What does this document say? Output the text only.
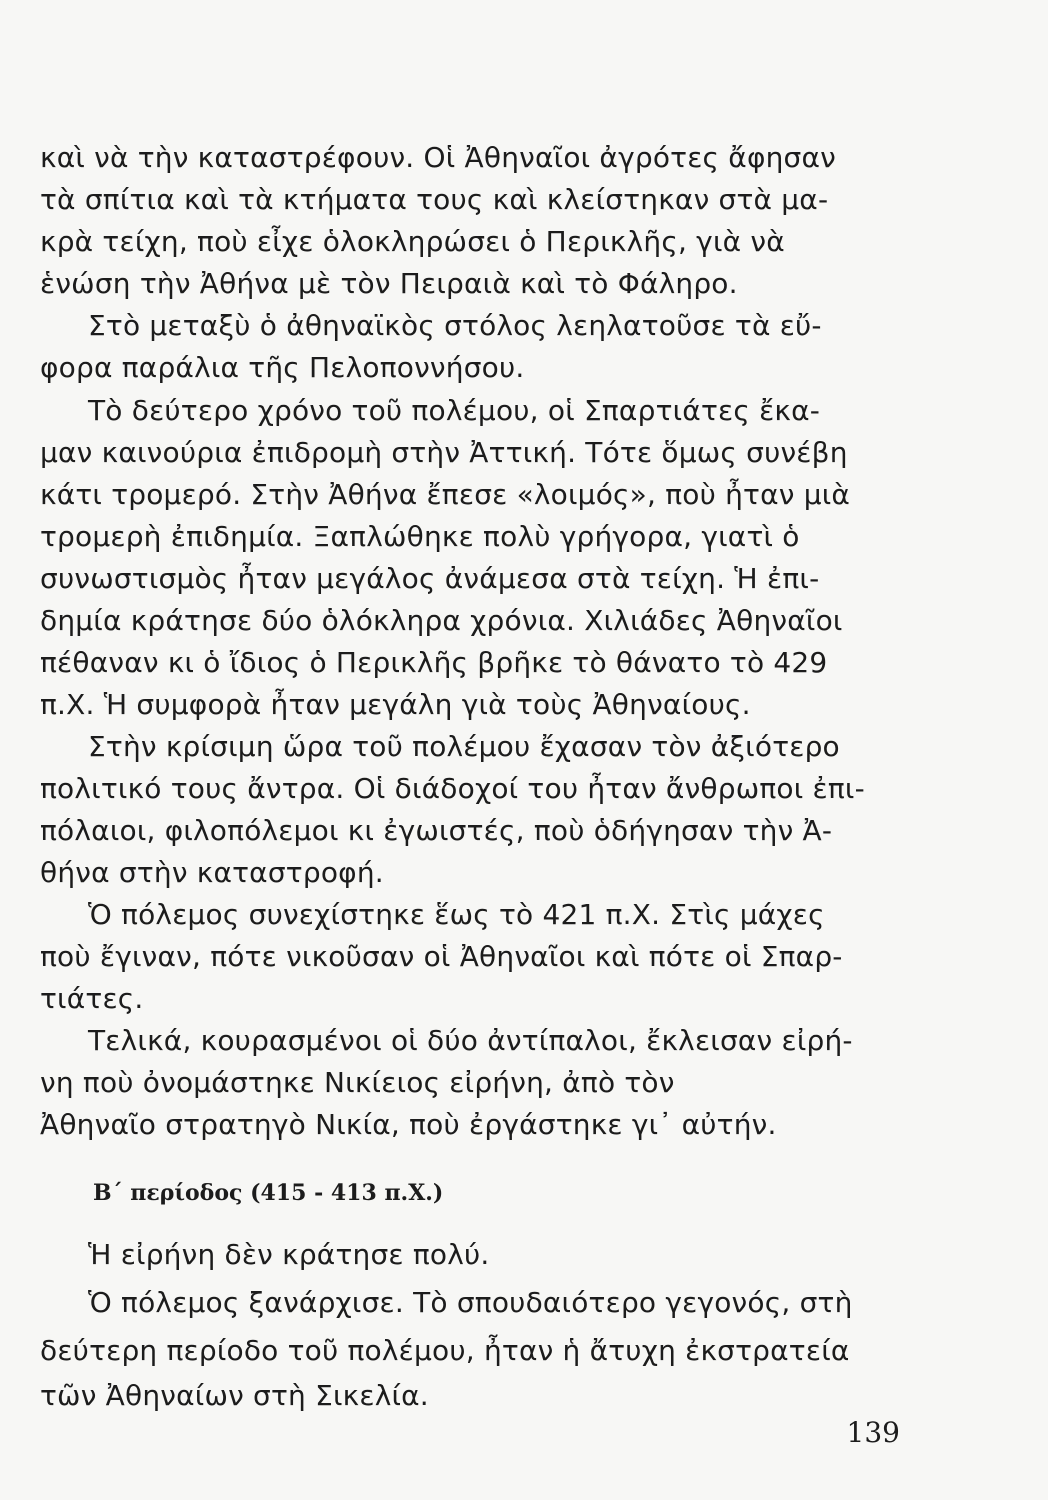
καὶ νὰ τὴν καταστρέφουν. Οἱ Ἀθηναῖοι ἀγρότες ἄφησαν
τὰ σπίτια καὶ τὰ κτήματα τους καὶ κλείστηκαν στὰ μα-
κρὰ τείχη, ποὺ εἶχε ὁλοκληρώσει ὁ Περικλῆς, γιὰ νὰ
ἑνώση τὴν Ἀθήνα μὲ τὸν Πειραιὰ καὶ τὸ Φάληρο.
Στὸ μεταξὺ ὁ ἀθηναϊκὸς στόλος λεηλατοῦσε τὰ εὔ-
φορα παράλια τῆς Πελοποννήσου.
Τὸ δεύτερο χρόνο τοῦ πολέμου, οἱ Σπαρτιάτες ἔκα-
μαν καινούρια ἐπιδρομὴ στὴν Ἀττική. Τότε ὅμως συνέβη
κάτι τρομερό. Στὴν Ἀθήνα ἔπεσε «λοιμός», ποὺ ἦταν μιὰ
τρομερὴ ἐπιδημία. Ξαπλώθηκε πολὺ γρήγορα, γιατὶ ὁ
συνωστισμὸς ἦταν μεγάλος ἀνάμεσα στὰ τείχη. Ἡ ἐπι-
δημία κράτησε δύο ὁλόκληρα χρόνια. Χιλιάδες Ἀθηναῖοι
πέθαναν κι ὁ ἴδιος ὁ Περικλῆς βρῆκε τὸ θάνατο τὸ 429
π.Χ. Ἡ συμφορὰ ἦταν μεγάλη γιὰ τοὺς Ἀθηναίους.
Στὴν κρίσιμη ὥρα τοῦ πολέμου ἔχασαν τὸν ἀξιότερο
πολιτικό τους ἄντρα. Οἱ διάδοχοί του ἦταν ἄνθρωποι ἐπι-
πόλαιοι, φιλοπόλεμοι κι ἐγωιστές, ποὺ ὁδήγησαν τὴν Ἀ-
θήνα στὴν καταστροφή.
Ὁ πόλεμος συνεχίστηκε ἕως τὸ 421 π.Χ. Στὶς μάχες
ποὺ ἔγιναν, πότε νικοῦσαν οἱ Ἀθηναῖοι καὶ πότε οἱ Σπαρ-
τιάτες.
Τελικά, κουρασμένοι οἱ δύο ἀντίπαλοι, ἔκλεισαν εἰρή-
νη ποὺ ὀνομάστηκε Νικίειος εἰρήνη, ἀπὸ τὸν
Ἀθηναῖο στρατηγὸ Νικία, ποὺ ἐργάστηκε γι᾽ αὐτήν.
Β΄ περίοδος (415 - 413 π.Χ.)
Ἡ εἰρήνη δὲν κράτησε πολύ.
Ὁ πόλεμος ξανάρχισε. Τὸ σπουδαιότερο γεγονός, στὴ
δεύτερη περίοδο τοῦ πολέμου, ἦταν ἡ ἄτυχη ἐκστρατεία
τῶν Ἀθηναίων στὴ Σικελία.
139
